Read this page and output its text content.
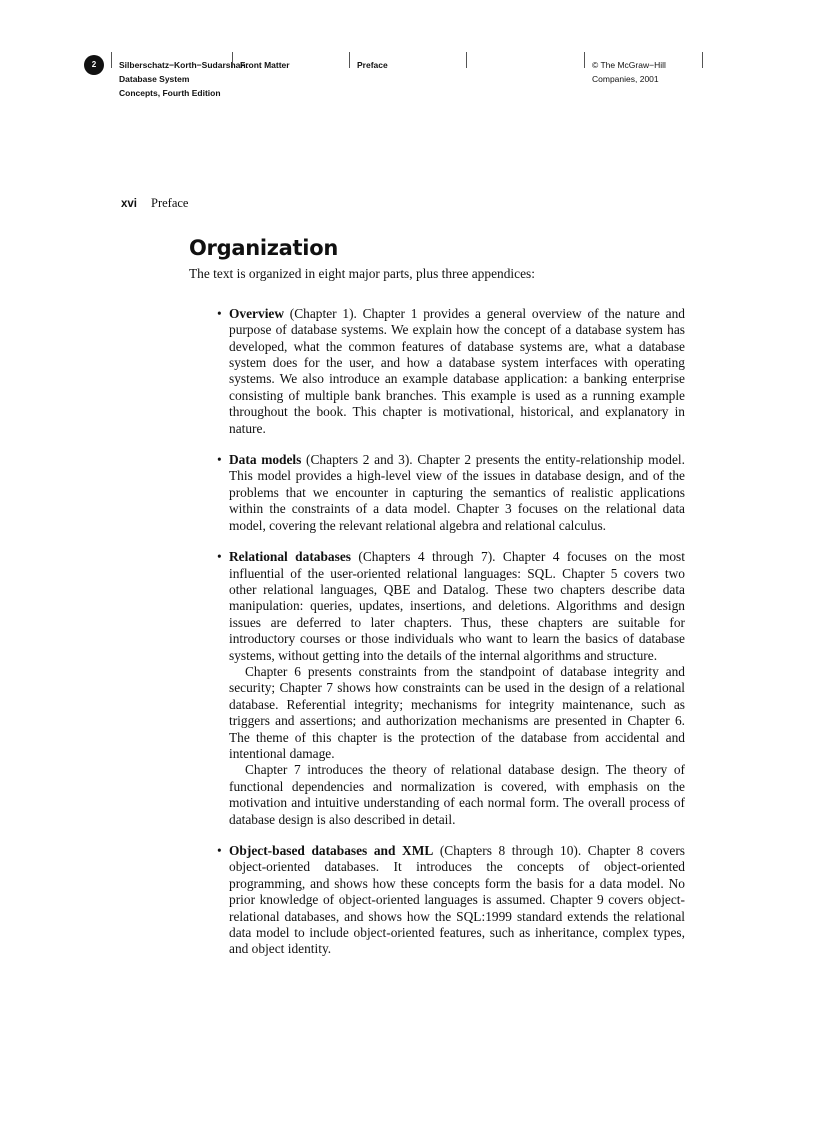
2	Silberschatz−Korth−Sudarshan:
Database System
Concepts, Fourth Edition
Front Matter	Preface	© The McGraw−Hill
Companies, 2001
xvi Preface
Organization

The text is organized in eight major parts, plus three appendices:

• Overview (Chapter 1). Chapter 1 provides a general overview of the nature and purpose of database systems. We explain how the concept of a database system has developed, what the common features of database systems are, what a database system does for the user, and how a database system interfaces with operating systems. We also introduce an example database application: a banking enterprise consisting of multiple bank branches. This example is used as a running example throughout the book. This chapter is motivational, historical, and explanatory in nature.

• Data models (Chapters 2 and 3). Chapter 2 presents the entity-relationship model. This model provides a high-level view of the issues in database design, and of the problems that we encounter in capturing the semantics of realistic applications within the constraints of a data model. Chapter 3 focuses on the relational data model, covering the relevant relational algebra and relational calculus.

• Relational databases (Chapters 4 through 7). Chapter 4 focuses on the most influential of the user-oriented relational languages: SQL. Chapter 5 covers two other relational languages, QBE and Datalog. These two chapters describe data manipulation: queries, updates, insertions, and deletions. Algorithms and design issues are deferred to later chapters. Thus, these chapters are suitable for introductory courses or those individuals who want to learn the basics of database systems, without getting into the details of the internal algorithms and structure.

Chapter 6 presents constraints from the standpoint of database integrity and security; Chapter 7 shows how constraints can be used in the design of a relational database. Referential integrity; mechanisms for integrity maintenance, such as triggers and assertions; and authorization mechanisms are presented in Chapter 6. The theme of this chapter is the protection of the database from accidental and intentional damage.

Chapter 7 introduces the theory of relational database design. The theory of functional dependencies and normalization is covered, with emphasis on the motivation and intuitive understanding of each normal form. The overall process of database design is also described in detail.

• Object-based databases and XML (Chapters 8 through 10). Chapter 8 covers object-oriented databases. It introduces the concepts of object-oriented programming, and shows how these concepts form the basis for a data model. No prior knowledge of object-oriented languages is assumed. Chapter 9 covers object-relational databases, and shows how the SQL:1999 standard extends the relational data model to include object-oriented features, such as inheritance, complex types, and object identity.
